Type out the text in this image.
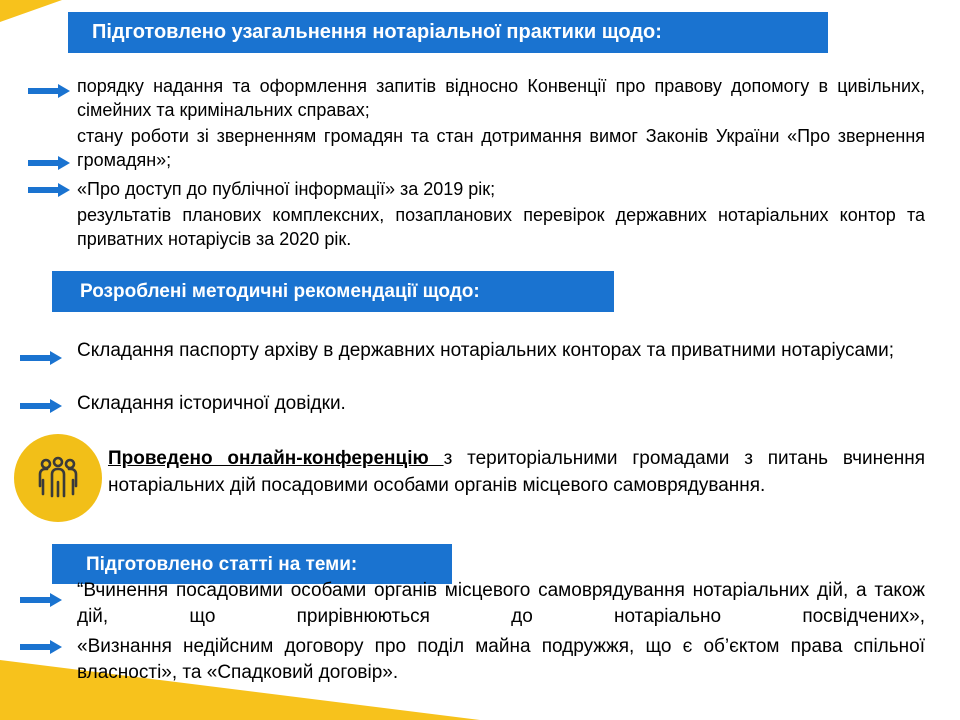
Підготовлено узагальнення нотаріальної практики щодо:
порядку надання та оформлення запитів відносно Конвенції про правову допомогу в цивільних, сімейних та кримінальних справах;
стану роботи зі зверненням громадян та стан дотримання вимог Законів України «Про звернення громадян»;
«Про доступ до публічної інформації» за 2019 рік;
результатів планових комплексних, позапланових перевірок державних нотаріальних контор та приватних нотаріусів за 2020 рік.
Розроблені методичні рекомендації щодо:
Складання паспорту архіву в державних нотаріальних конторах та приватними нотаріусами;
Складання історичної довідки.
Проведено онлайн-конференцію з територіальними громадами з питань вчинення нотаріальних дій посадовими особами органів місцевого самоврядування.
Підготовлено статті на теми:
“Вчинення посадовими особами органів місцевого самоврядування нотаріальних дій, а також дій, що прирівнюються до нотаріально посвідчених»,
«Визнання недійсним договору про поділ майна подружжя, що є об’єктом права спільної власності», та «Спадковий договір».
